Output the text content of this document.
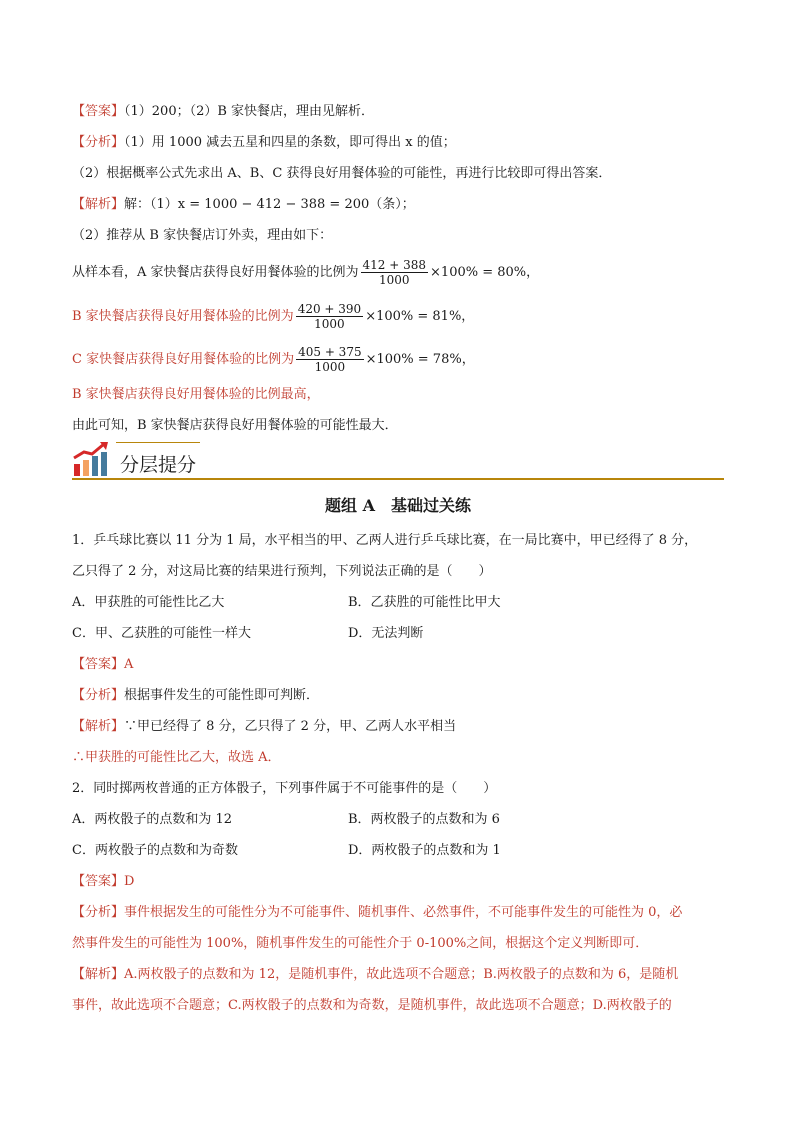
【答案】（1）200；（2）B 家快餐店，理由见解析．
【分析】（1）用 1000 减去五星和四星的条数，即可得出 x 的值；
（2）根据概率公式先求出 A、B、C 获得良好用餐体验的可能性，再进行比较即可得出答案．
【解析】解：（1）x = 1000 − 412 − 388 = 200（条）；
（2）推荐从 B 家快餐店订外卖，理由如下：
从样本看，A 家快餐店获得良好用餐体验的比例为 $\frac{412 + 388}{1000} \times 100\% = 80\%$，
B 家快餐店获得良好用餐体验的比例为 $\frac{420 + 390}{1000} \times 100\% = 81\%$，
C 家快餐店获得良好用餐体验的比例为 $\frac{405 + 375}{1000} \times 100\% = 78\%$，
B 家快餐店获得良好用餐体验的比例最高，
由此可知，B 家快餐店获得良好用餐体验的可能性最大．
分层提分
题组 A　基础过关练
1．乒乓球比赛以 11 分为 1 局，水平相当的甲、乙两人进行乒乓球比赛，在一局比赛中，甲已经得了 8 分，
乙只得了 2 分，对这局比赛的结果进行预判，下列说法正确的是（　　）
A．甲获胜的可能性比乙大	B．乙获胜的可能性比甲大
C．甲、乙获胜的可能性一样大	D．无法判断
【答案】A
【分析】根据事件发生的可能性即可判断．
【解析】∵甲已经得了 8 分，乙只得了 2 分，甲、乙两人水平相当
∴甲获胜的可能性比乙大，故选 A．
2．同时掷两枚普通的正方体骰子，下列事件属于不可能事件的是（　　）
A．两枚骰子的点数和为 12	B．两枚骰子的点数和为 6
C．两枚骰子的点数和为奇数	D．两枚骰子的点数和为 1
【答案】D
【分析】事件根据发生的可能性分为不可能事件、随机事件、必然事件，不可能事件发生的可能性为 0，必
然事件发生的可能性为 100%，随机事件发生的可能性介于 0-100%之间，根据这个定义判断即可．
【解析】A.两枚骰子的点数和为 12，是随机事件，故此选项不合题意；B.两枚骰子的点数和为 6，是随机
事件，故此选项不合题意；C.两枚骰子的点数和为奇数，是随机事件，故此选项不合题意；D.两枚骰子的
